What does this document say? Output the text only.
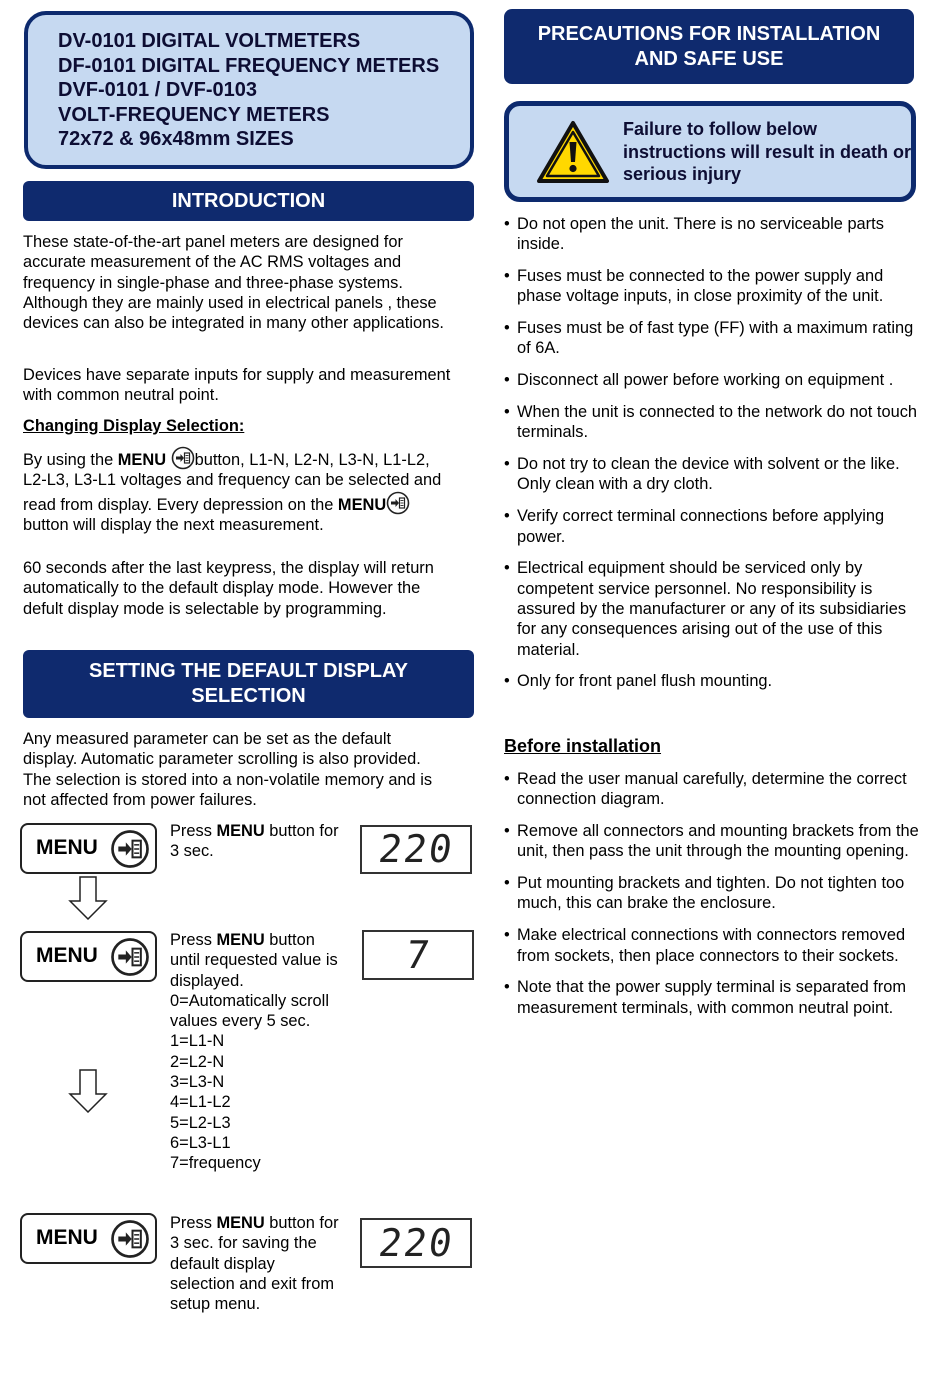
DV-0101 DIGITAL VOLTMETERS
DF-0101 DIGITAL FREQUENCY METERS
DVF-0101 / DVF-0103
VOLT-FREQUENCY METERS
72x72 & 96x48mm SIZES
INTRODUCTION

These state-of-the-art panel meters are designed for accurate measurement of the AC RMS voltages and frequency in single-phase and three-phase systems. Although they are mainly used in electrical panels , these devices can also be integrated in many other applications.

Devices have separate inputs for supply and measurement with common neutral point.

Changing Display Selection:

By using the MENU button, L1-N, L2-N, L3-N, L1-L2, L2-L3, L3-L1 voltages and frequency can be selected and read from display. Every depression on the MENU button will display the next measurement.

60 seconds after the last keypress, the display will return automatically to the default display mode. However the defult display mode is selectable by programming.

SETTING THE DEFAULT DISPLAY
SELECTION

Any measured parameter can be set as the default display. Automatic parameter scrolling is also provided. The selection is stored into a non-volatile memory and is not affected from power failures.

MENU

Press MENU button for 3 sec.	220
MENU

Press MENU button until requested value is displayed.

0=Automatically scroll values every 5 sec.

1=L1-N

2=L2-N

3=L3-N

4=L1-L2

5=L2-L3

6=L3-L1

7=frequency

7
MENU

Press MENU button for 3 sec. for saving the default display selection and exit from setup menu.

220
PRECAUTIONS FOR INSTALLATION
AND SAFE USE
Failure to follow below instructions will result in death or serious injury
• Do not open the unit. There is no serviceable parts inside.
• Fuses must be connected to the power supply and phase voltage inputs, in close proximity of the unit.
• Fuses must be of fast type (FF) with a maximum rating of 6A.
• Disconnect all power before working on equipment .
• When the unit is connected to the network do not touch terminals.
• Do not try to clean the device with solvent or the like. Only clean with a dry cloth.
• Verify correct terminal connections before applying power.
• Electrical equipment should be serviced only by competent service personnel. No responsibility is assured by the manufacturer or any of its subsidiaries for any consequences arising out of the use of this material.
• Only for front panel flush mounting.

Before installation

• Read the user manual carefully, determine the correct connection diagram.
• Remove all connectors and mounting brackets from the unit, then pass the unit through the mounting opening.
• Put mounting brackets and tighten. Do not tighten too much, this can brake the enclosure.
• Make electrical connections with connectors removed from sockets, then place connectors to their sockets.
• Note that the power supply terminal is separated from measurement terminals, with common neutral point.
